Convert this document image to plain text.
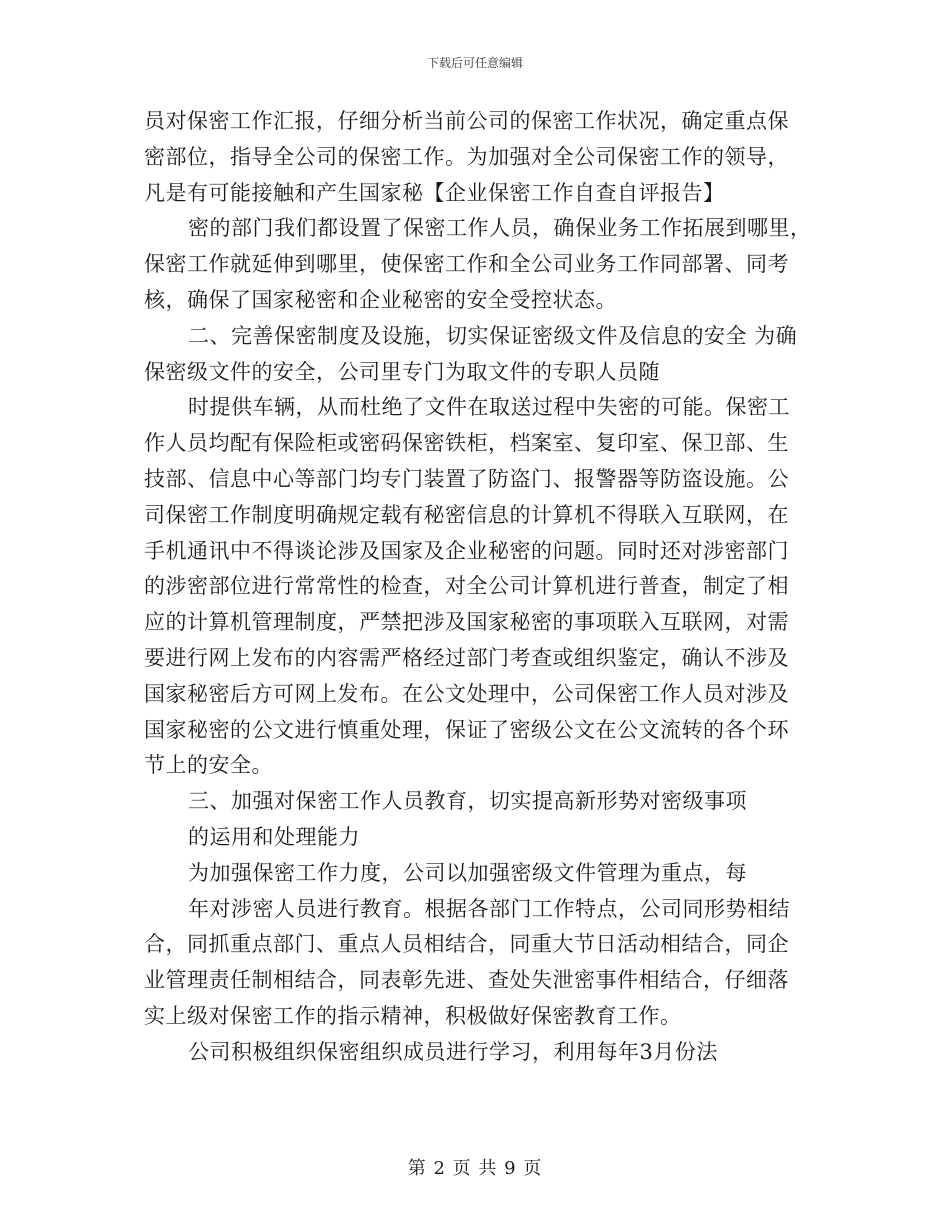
下载后可任意编辑
员对保密工作汇报，仔细分析当前公司的保密工作状况，确定重点保
密部位，指导全公司的保密工作。为加强对全公司保密工作的领导，
凡是有可能接触和产生国家秘【企业保密工作自查自评报告】
密的部门我们都设置了保密工作人员，确保业务工作拓展到哪里，
保密工作就延伸到哪里，使保密工作和全公司业务工作同部署、同考
核，确保了国家秘密和企业秘密的安全受控状态。
二、完善保密制度及设施，切实保证密级文件及信息的安全 为确
保密级文件的安全，公司里专门为取文件的专职人员随
时提供车辆，从而杜绝了文件在取送过程中失密的可能。保密工
作人员均配有保险柜或密码保密铁柜，档案室、复印室、保卫部、生
技部、信息中心等部门均专门装置了防盗门、报警器等防盗设施。公
司保密工作制度明确规定载有秘密信息的计算机不得联入互联网，在
手机通讯中不得谈论涉及国家及企业秘密的问题。同时还对涉密部门
的涉密部位进行常常性的检查，对全公司计算机进行普查，制定了相
应的计算机管理制度，严禁把涉及国家秘密的事项联入互联网，对需
要进行网上发布的内容需严格经过部门考查或组织鉴定，确认不涉及
国家秘密后方可网上发布。在公文处理中，公司保密工作人员对涉及
国家秘密的公文进行慎重处理，保证了密级公文在公文流转的各个环
节上的安全。
三、加强对保密工作人员教育，切实提高新形势对密级事项
的运用和处理能力
为加强保密工作力度，公司以加强密级文件管理为重点，每
年对涉密人员进行教育。根据各部门工作特点，公司同形势相结
合，同抓重点部门、重点人员相结合，同重大节日活动相结合，同企
业管理责任制相结合，同表彰先进、查处失泄密事件相结合，仔细落
实上级对保密工作的指示精神，积极做好保密教育工作。
公司积极组织保密组织成员进行学习，利用每年3月份法
第 2 页 共 9 页
